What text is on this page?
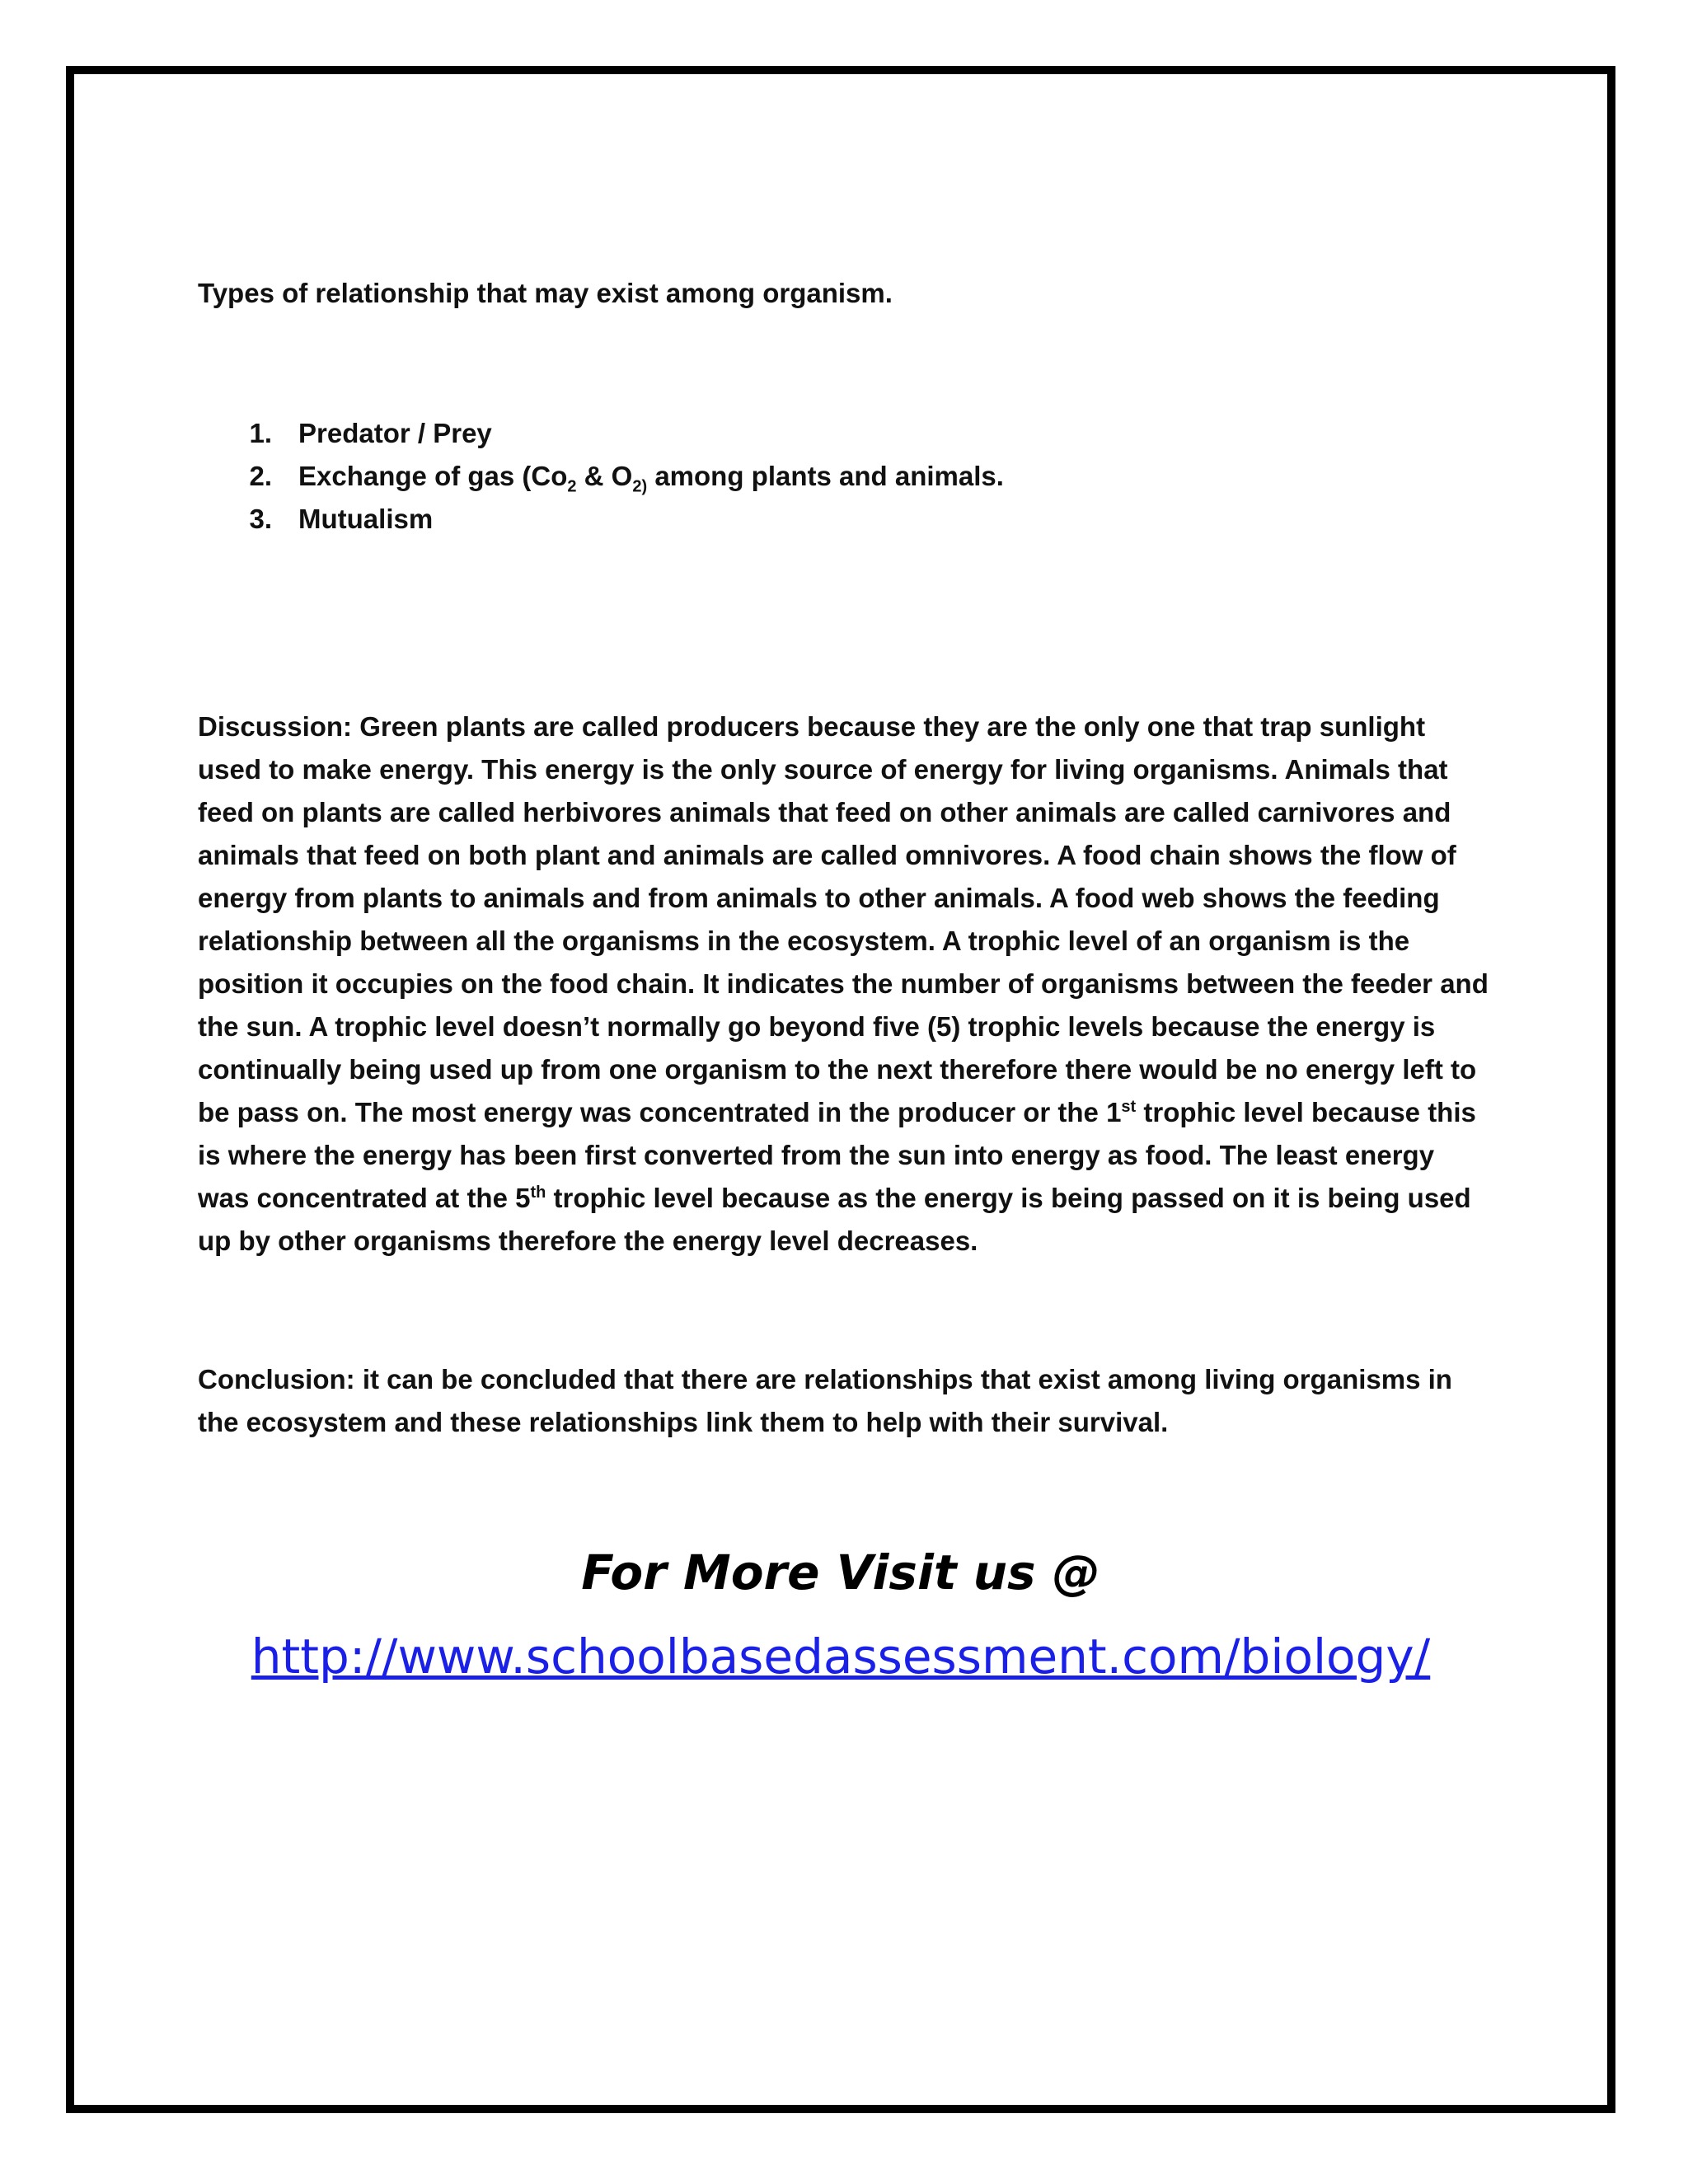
Types of relationship that may exist among organism.

1. Predator / Prey
2. Exchange of gas ($Co_2$ & $O_{2)}$ among plants and animals.
3. Mutualism

Discussion: Green plants are called producers because they are the only one that trap sunlight used to make energy. This energy is the only source of energy for living organisms. Animals that feed on plants are called herbivores animals that feed on other animals are called carnivores and animals that feed on both plant and animals are called omnivores. A food chain shows the flow of energy from plants to animals and from animals to other animals. A food web shows the feeding relationship between all the organisms in the ecosystem. A trophic level of an organism is the position it occupies on the food chain. It indicates the number of organisms between the feeder and the sun. A trophic level doesn’t normally go beyond five (5) trophic levels because the energy is continually being used up from one organism to the next therefore there would be no energy left to be pass on. The most energy was concentrated in the producer or the 1st trophic level because this is where the energy has been first converted from the sun into energy as food. The least energy was concentrated at the 5th trophic level because as the energy is being passed on it is being used up by other organisms therefore the energy level decreases.

Conclusion: it can be concluded that there are relationships that exist among living organisms in the ecosystem and these relationships link them to help with their survival.

For More Visit us @
http://www.schoolbasedassessment.com/biology/
